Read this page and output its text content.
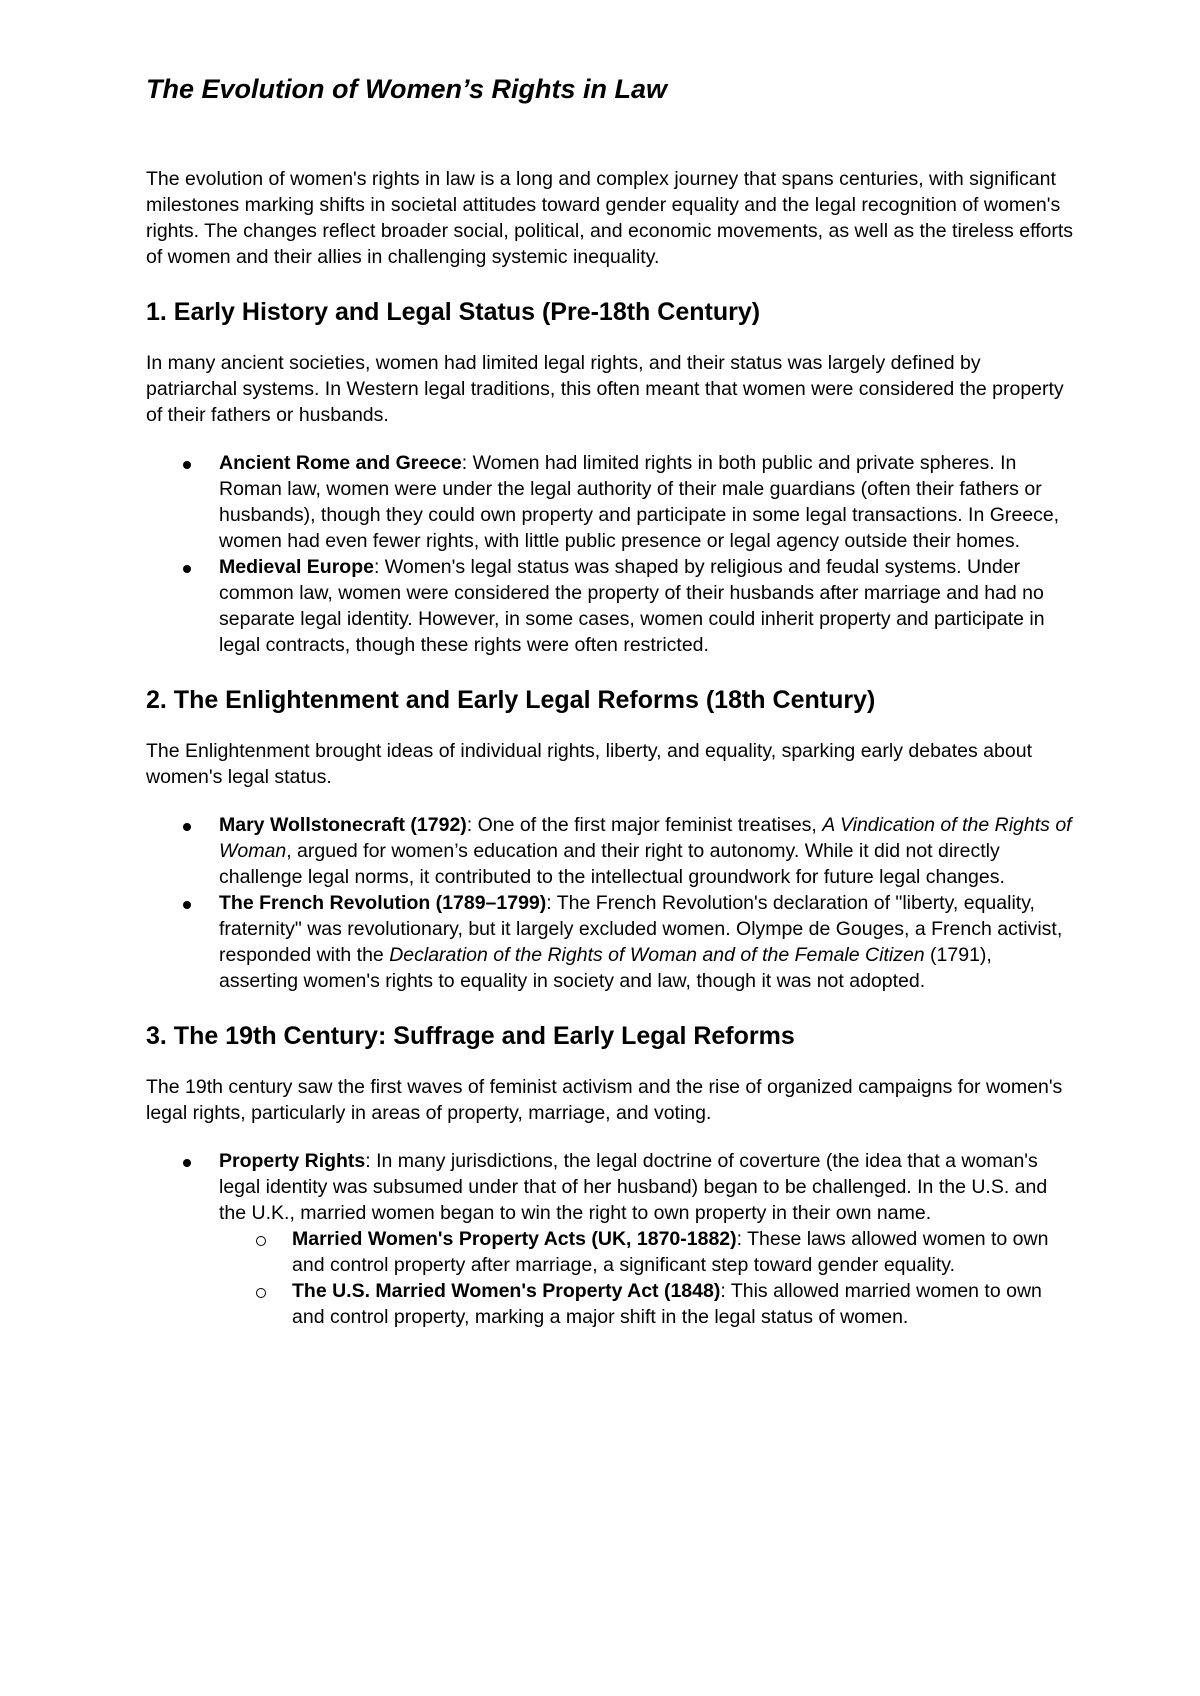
The Evolution of Women’s Rights in Law

The evolution of women's rights in law is a long and complex journey that spans centuries, with significant milestones marking shifts in societal attitudes toward gender equality and the legal recognition of women's rights. The changes reflect broader social, political, and economic movements, as well as the tireless efforts of women and their allies in challenging systemic inequality.

1. Early History and Legal Status (Pre-18th Century)

In many ancient societies, women had limited legal rights, and their status was largely defined by patriarchal systems. In Western legal traditions, this often meant that women were considered the property of their fathers or husbands.

Ancient Rome and Greece: Women had limited rights in both public and private spheres. In Roman law, women were under the legal authority of their male guardians (often their fathers or husbands), though they could own property and participate in some legal transactions. In Greece, women had even fewer rights, with little public presence or legal agency outside their homes.
Medieval Europe: Women's legal status was shaped by religious and feudal systems. Under common law, women were considered the property of their husbands after marriage and had no separate legal identity. However, in some cases, women could inherit property and participate in legal contracts, though these rights were often restricted.
2. The Enlightenment and Early Legal Reforms (18th Century)

The Enlightenment brought ideas of individual rights, liberty, and equality, sparking early debates about women's legal status.

Mary Wollstonecraft (1792): One of the first major feminist treatises, A Vindication of the Rights of Woman, argued for women’s education and their right to autonomy. While it did not directly challenge legal norms, it contributed to the intellectual groundwork for future legal changes.
The French Revolution (1789–1799): The French Revolution's declaration of "liberty, equality, fraternity" was revolutionary, but it largely excluded women. Olympe de Gouges, a French activist, responded with the Declaration of the Rights of Woman and of the Female Citizen (1791), asserting women's rights to equality in society and law, though it was not adopted.
3. The 19th Century: Suffrage and Early Legal Reforms

The 19th century saw the first waves of feminist activism and the rise of organized campaigns for women's legal rights, particularly in areas of property, marriage, and voting.

Property Rights: In many jurisdictions, the legal doctrine of coverture (the idea that a woman's legal identity was subsumed under that of her husband) began to be challenged. In the U.S. and the U.K., married women began to win the right to own property in their own name.
Married Women's Property Acts (UK, 1870-1882): These laws allowed women to own and control property after marriage, a significant step toward gender equality.
The U.S. Married Women's Property Act (1848): This allowed married women to own and control property, marking a major shift in the legal status of women.
